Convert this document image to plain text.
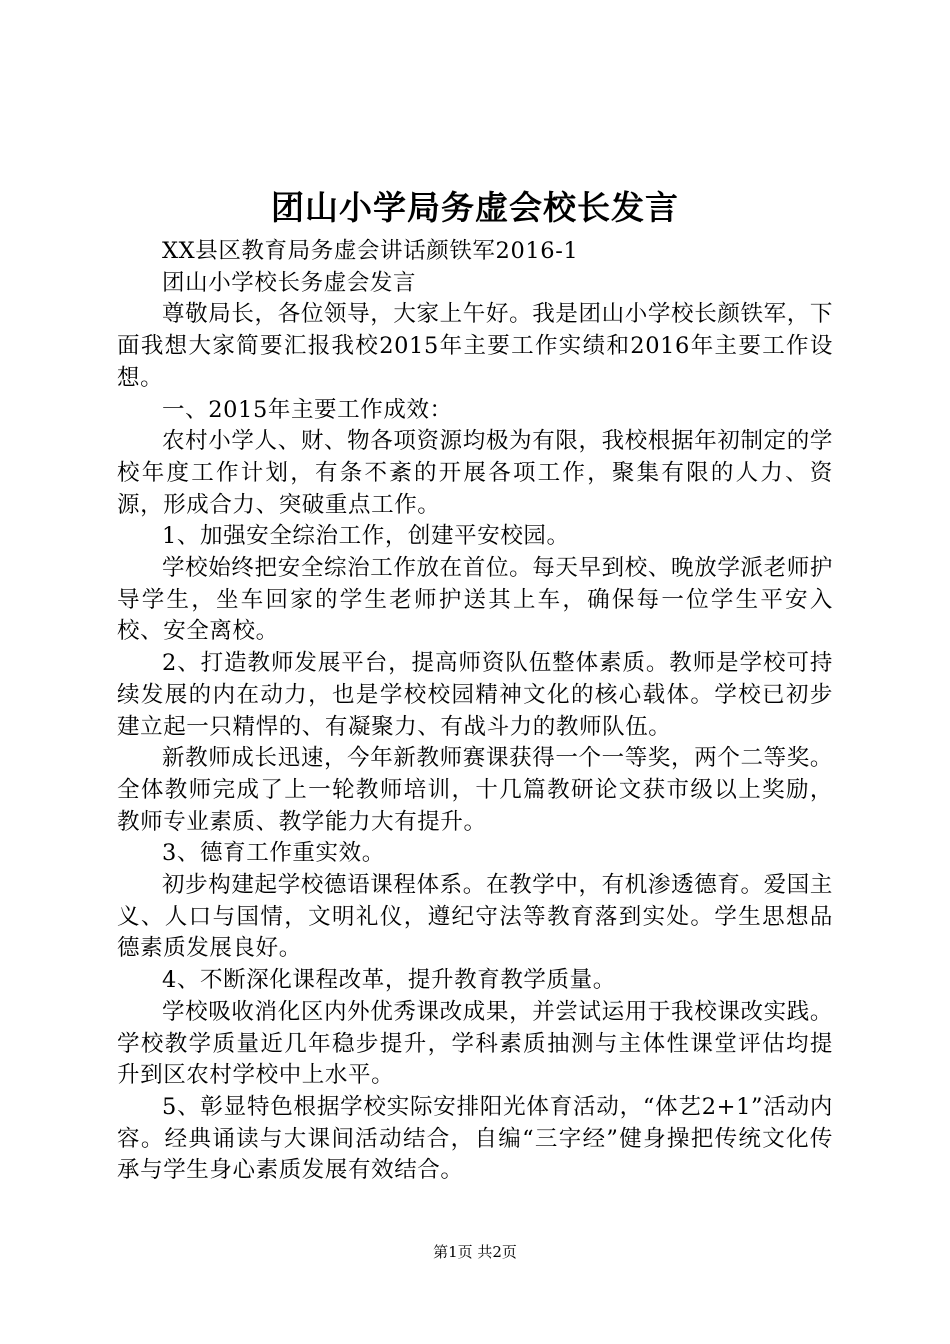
团山小学局务虚会校长发言

XX县区教育局务虚会讲话颜铁军2016-1

团山小学校长务虚会发言

尊敬局长，各位领导，大家上午好。我是团山小学校长颜铁军，下面我想大家简要汇报我校2015年主要工作实绩和2016年主要工作设想。

一、2015年主要工作成效：

农村小学人、财、物各项资源均极为有限，我校根据年初制定的学校年度工作计划，有条不紊的开展各项工作，聚集有限的人力、资源，形成合力、突破重点工作。

1、加强安全综治工作，创建平安校园。

学校始终把安全综治工作放在首位。每天早到校、晚放学派老师护导学生，坐车回家的学生老师护送其上车，确保每一位学生平安入校、安全离校。

2、打造教师发展平台，提高师资队伍整体素质。教师是学校可持续发展的内在动力，也是学校校园精神文化的核心载体。学校已初步建立起一只精悍的、有凝聚力、有战斗力的教师队伍。

新教师成长迅速，今年新教师赛课获得一个一等奖，两个二等奖。全体教师完成了上一轮教师培训，十几篇教研论文获市级以上奖励，教师专业素质、教学能力大有提升。

3、德育工作重实效。

初步构建起学校德语课程体系。在教学中，有机渗透德育。爱国主义、人口与国情，文明礼仪，遵纪守法等教育落到实处。学生思想品德素质发展良好。

4、不断深化课程改革，提升教育教学质量。

学校吸收消化区内外优秀课改成果，并尝试运用于我校课改实践。学校教学质量近几年稳步提升，学科素质抽测与主体性课堂评估均提升到区农村学校中上水平。

5、彰显特色根据学校实际安排阳光体育活动，“体艺2+1”活动内容。经典诵读与大课间活动结合，自编“三字经”健身操把传统文化传承与学生身心素质发展有效结合。

第1页 共2页
